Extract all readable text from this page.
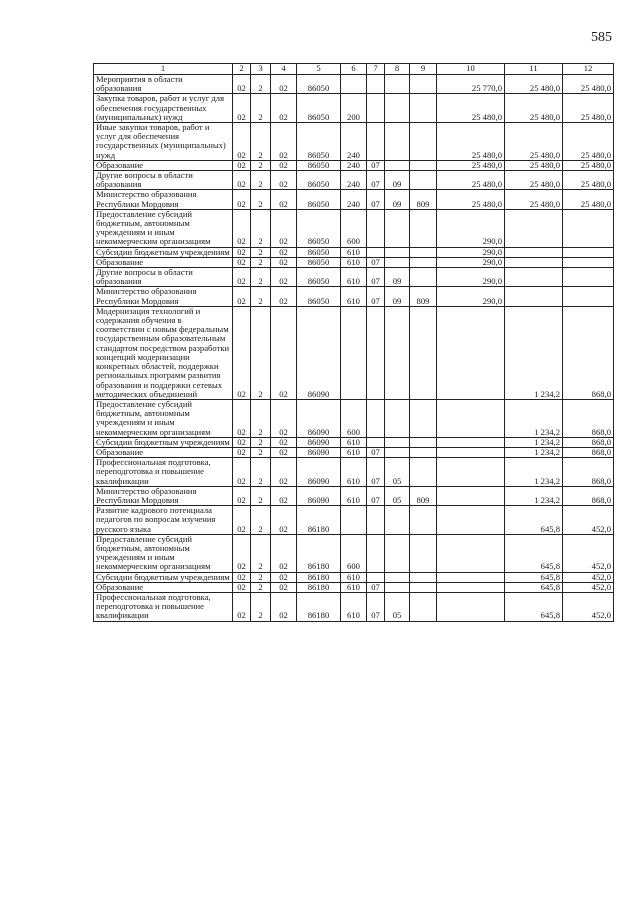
585
1	2	3	4	5	6	7	8	9	10	11	12
Мероприятия в области образования	02	2	02	86050					25 770,0	25 480,0	25 480,0
Закупка товаров, работ и услуг для обеспечения государственных (муниципальных) нужд	02	2	02	86050	200				25 480,0	25 480,0	25 480,0
Иные закупки товаров, работ и услуг для обеспечения государственных (муниципальных) нужд	02	2	02	86050	240				25 480,0	25 480,0	25 480,0
Образование	02	2	02	86050	240	07			25 480,0	25 480,0	25 480,0
Другие вопросы в области образования	02	2	02	86050	240	07	09		25 480,0	25 480,0	25 480,0
Министерство образования Республики Мордовия	02	2	02	86050	240	07	09	809	25 480,0	25 480,0	25 480,0
Предоставление субсидий бюджетным, автономным учреждениям и иным некоммерческим организациям	02	2	02	86050	600				290,0		
Субсидии бюджетным учреждениям	02	2	02	86050	610				290,0		
Образование	02	2	02	86050	610	07			290,0		
Другие вопросы в области образования	02	2	02	86050	610	07	09		290,0		
Министерство образования Республики Мордовия	02	2	02	86050	610	07	09	809	290,0		
Модернизация технологий и содержания обучения в соответствии с новым федеральным государственным образовательным стандартом посредством разработки концепций модернизации конкретных областей, поддержки региональных программ развития образования и поддержки сетевых методических объединений	02	2	02	86090						1 234,2	868,0
Предоставление субсидий бюджетным, автономным учреждениям и иным некоммерческим организациям	02	2	02	86090	600					1 234,2	868,0
Субсидии бюджетным учреждениям	02	2	02	86090	610					1 234,2	868,0
Образование	02	2	02	86090	610	07				1 234,2	868,0
Профессиональная подготовка, переподготовка и повышение квалификации	02	2	02	86090	610	07	05			1 234,2	868,0
Министерство образования Республики Мордовия	02	2	02	86090	610	07	05	809		1 234,2	868,0
Развитие кадрового потенциала педагогов по вопросам изучения русского языка	02	2	02	86180						645,8	452,0
Предоставление субсидий бюджетным, автономным учреждениям и иным некоммерческим организациям	02	2	02	86180	600					645,8	452,0
Субсидии бюджетным учреждениям	02	2	02	86180	610					645,8	452,0
Образование	02	2	02	86180	610	07				645,8	452,0
Профессиональная подготовка, переподготовка и повышение квалификации	02	2	02	86180	610	07	05			645,8	452,0
